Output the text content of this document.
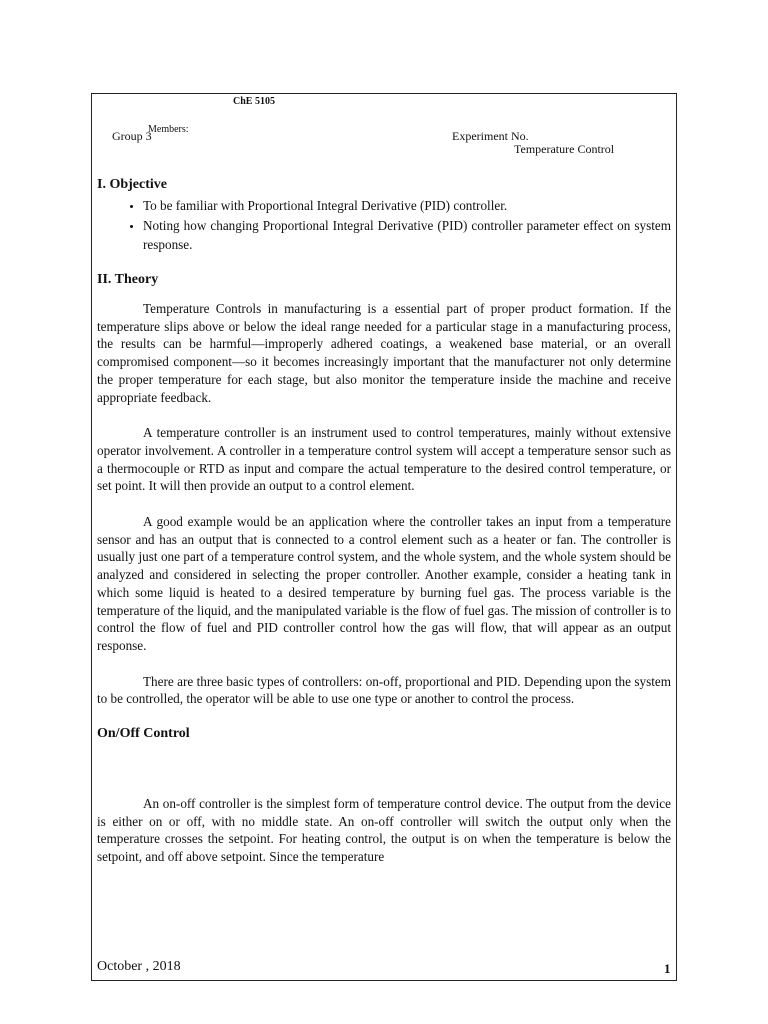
ChE 5105
Group 3
Members:	Experiment No.
Temperature Control
I. Objective
• To be familiar with Proportional Integral Derivative (PID) controller.
• Noting how changing Proportional Integral Derivative (PID) controller parameter effect on system response.
II. Theory

Temperature Controls in manufacturing is a essential part of proper product formation. If the temperature slips above or below the ideal range needed for a particular stage in a manufacturing process, the results can be harmful—improperly adhered coatings, a weakened base material, or an overall compromised component—so it becomes increasingly important that the manufacturer not only determine the proper temperature for each stage, but also monitor the temperature inside the machine and receive appropriate feedback.

A temperature controller is an instrument used to control temperatures, mainly without extensive operator involvement. A controller in a temperature control system will accept a temperature sensor such as a thermocouple or RTD as input and compare the actual temperature to the desired control temperature, or set point. It will then provide an output to a control element.

A good example would be an application where the controller takes an input from a temperature sensor and has an output that is connected to a control element such as a heater or fan. The controller is usually just one part of a temperature control system, and the whole system, and the whole system should be analyzed and considered in selecting the proper controller. Another example, consider a heating tank in which some liquid is heated to a desired temperature by burning fuel gas. The process variable is the temperature of the liquid, and the manipulated variable is the flow of fuel gas. The mission of controller is to control the flow of fuel and PID controller control how the gas will flow, that will appear as an output response.

There are three basic types of controllers: on-off, proportional and PID. Depending upon the system to be controlled, the operator will be able to use one type or another to control the process.

On/Off Control

An on-off controller is the simplest form of temperature control device. The output from the device is either on or off, with no middle state. An on-off controller will switch the output only when the temperature crosses the setpoint. For heating control, the output is on when the temperature is below the setpoint, and off above setpoint. Since the temperature

October , 2018	1
